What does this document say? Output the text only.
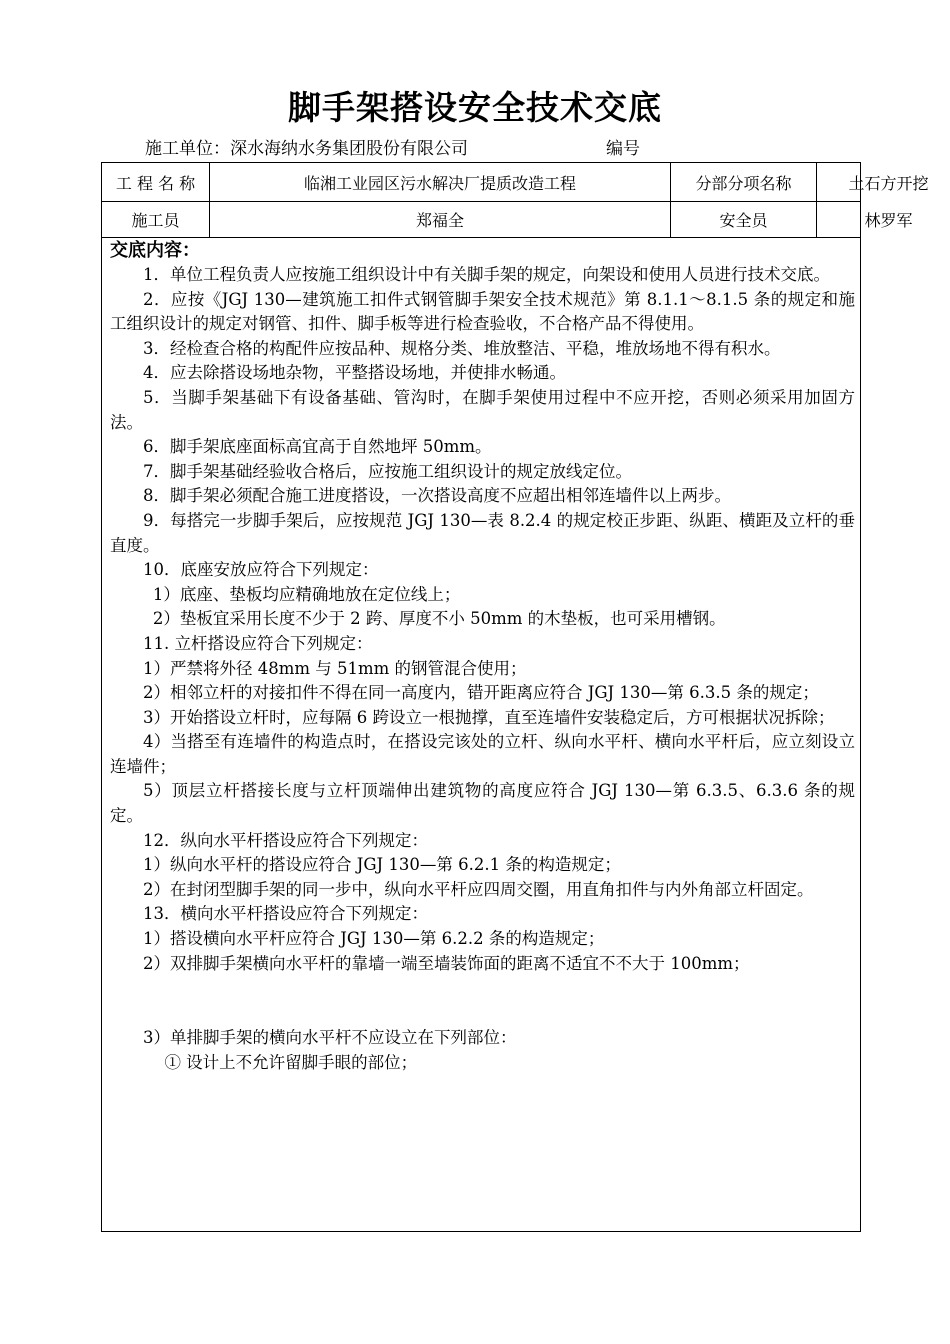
脚手架搭设安全技术交底
施工单位：深水海纳水务集团股份有限公司	编号
工 程 名 称	临湘工业园区污水解决厂提质改造工程	分部分项名称	土石方开挖
施工员	郑福全	安全员	林罗军
交底内容：

1．单位工程负责人应按施工组织设计中有关脚手架的规定，向架设和使用人员进行技术交底。

2．应按《JGJ 130—建筑施工扣件式钢管脚手架安全技术规范》第 8.1.1～8.1.5 条的规定和施工组织设计的规定对钢管、扣件、脚手板等进行检查验收，不合格产品不得使用。

3．经检查合格的构配件应按品种、规格分类、堆放整洁、平稳，堆放场地不得有积水。

4．应去除搭设场地杂物，平整搭设场地，并使排水畅通。

5．当脚手架基础下有设备基础、管沟时，在脚手架使用过程中不应开挖，否则必须采用加固方法。

6．脚手架底座面标高宜高于自然地坪 50mm。

7．脚手架基础经验收合格后，应按施工组织设计的规定放线定位。

8．脚手架必须配合施工进度搭设，一次搭设高度不应超出相邻连墙件以上两步。

9．每搭完一步脚手架后，应按规范 JGJ 130—表 8.2.4 的规定校正步距、纵距、横距及立杆的垂直度。

10．底座安放应符合下列规定：

1）底座、垫板均应精确地放在定位线上；

2）垫板宜采用长度不少于 2 跨、厚度不小 50mm 的木垫板，也可采用槽钢。

11. 立杆搭设应符合下列规定：

1）严禁将外径 48mm 与 51mm 的钢管混合使用；

2）相邻立杆的对接扣件不得在同一高度内，错开距离应符合 JGJ 130—第 6.3.5 条的规定；

3）开始搭设立杆时，应每隔 6 跨设立一根抛撑，直至连墙件安装稳定后，方可根据状况拆除；

4）当搭至有连墙件的构造点时，在搭设完该处的立杆、纵向水平杆、横向水平杆后，应立刻设立连墙件；

5）顶层立杆搭接长度与立杆顶端伸出建筑物的高度应符合 JGJ 130—第 6.3.5、6.3.6 条的规定。

12．纵向水平杆搭设应符合下列规定：

1）纵向水平杆的搭设应符合 JGJ 130—第 6.2.1 条的构造规定；

2）在封闭型脚手架的同一步中，纵向水平杆应四周交圈，用直角扣件与内外角部立杆固定。

13．横向水平杆搭设应符合下列规定：

1）搭设横向水平杆应符合 JGJ 130—第 6.2.2 条的构造规定；

2）双排脚手架横向水平杆的靠墙一端至墙装饰面的距离不适宜不不大于 100mm；

3）单排脚手架的横向水平杆不应设立在下列部位：

① 设计上不允许留脚手眼的部位；
